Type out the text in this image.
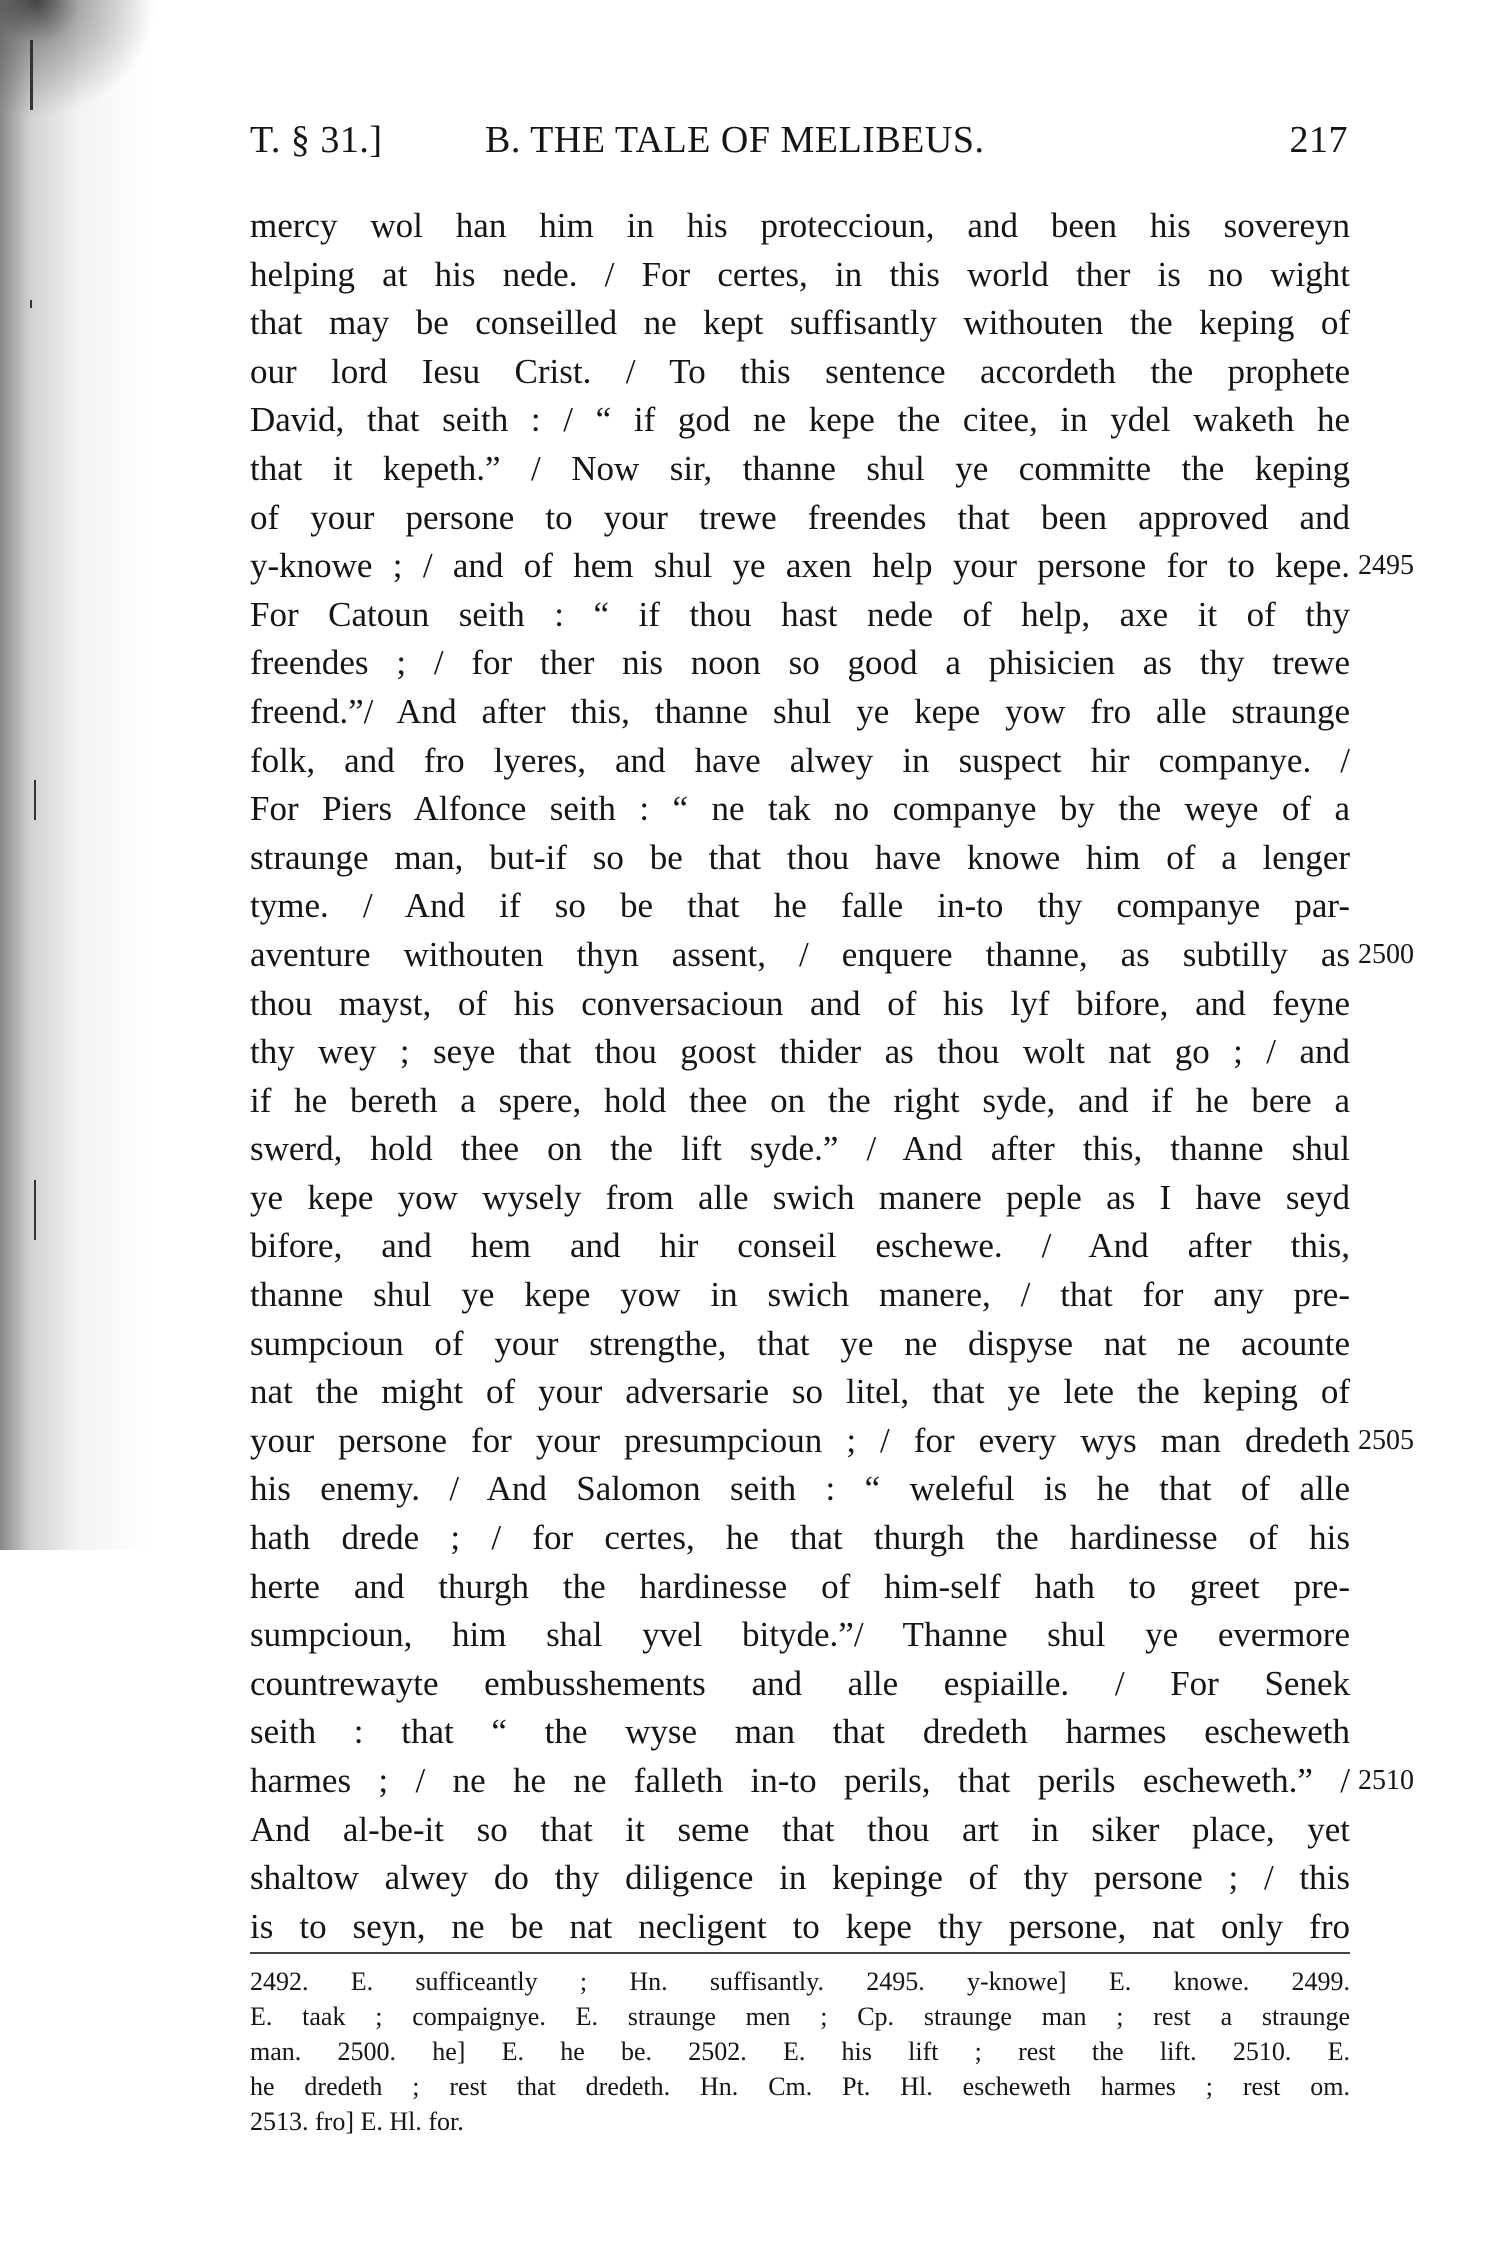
T. § 31.]	B. THE TALE OF MELIBEUS.	217
mercy wol han him in his proteccioun, and been his sovereyn
helping at his nede. / For certes, in this world ther is no wight
that may be conseilled ne kept suffisantly withouten the keping of
our lord Iesu Crist. / To this sentence accordeth the prophete
David, that seith : / “ if god ne kepe the citee, in ydel waketh he
that it kepeth.” / Now sir, thanne shul ye committe the keping
of your persone to your trewe freendes that been approved and
y-knowe ; / and of hem shul ye axen help your persone for to kepe. 2495
For Catoun seith : “ if thou hast nede of help, axe it of thy
freendes ; / for ther nis noon so good a phisicien as thy trewe
freend.”/ And after this, thanne shul ye kepe yow fro alle straunge
folk, and fro lyeres, and have alwey in suspect hir companye. /
For Piers Alfonce seith : “ ne tak no companye by the weye of a
straunge man, but-if so be that thou have knowe him of a lenger
tyme. / And if so be that he falle in-to thy companye par-
aventure withouten thyn assent, / enquere thanne, as subtilly as 2500
thou mayst, of his conversacioun and of his lyf bifore, and feyne
thy wey ; seye that thou goost thider as thou wolt nat go ; / and
if he bereth a spere, hold thee on the right syde, and if he bere a
swerd, hold thee on the lift syde.” / And after this, thanne shul
ye kepe yow wysely from alle swich manere peple as I have seyd
bifore, and hem and hir conseil eschewe. / And after this,
thanne shul ye kepe yow in swich manere, / that for any pre-
sumpcioun of your strengthe, that ye ne dispyse nat ne acounte
nat the might of your adversarie so litel, that ye lete the keping of
your persone for your presumpcioun ; / for every wys man dredeth 2505
his enemy. / And Salomon seith : “ weleful is he that of alle
hath drede ; / for certes, he that thurgh the hardinesse of his
herte and thurgh the hardinesse of him-self hath to greet pre-
sumpcioun, him shal yvel bityde.”/ Thanne shul ye evermore
countrewayte embusshements and alle espiaille. / For Senek
seith : that “ the wyse man that dredeth harmes escheweth
harmes ; / ne he ne falleth in-to perils, that perils escheweth.” / 2510
And al-be-it so that it seme that thou art in siker place, yet
shaltow alwey do thy diligence in kepinge of thy persone ; / this
is to seyn, ne be nat necligent to kepe thy persone, nat only fro
2492. E. sufficeantly ; Hn. suffisantly. 2495. y-knowe] E. knowe. 2499.
E. taak ; compaignye. E. straunge men ; Cp. straunge man ; rest a straunge
man. 2500. he] E. he be. 2502. E. his lift ; rest the lift. 2510. E.
he dredeth ; rest that dredeth. Hn. Cm. Pt. Hl. escheweth harmes ; rest om.
2513. fro] E. Hl. for.
